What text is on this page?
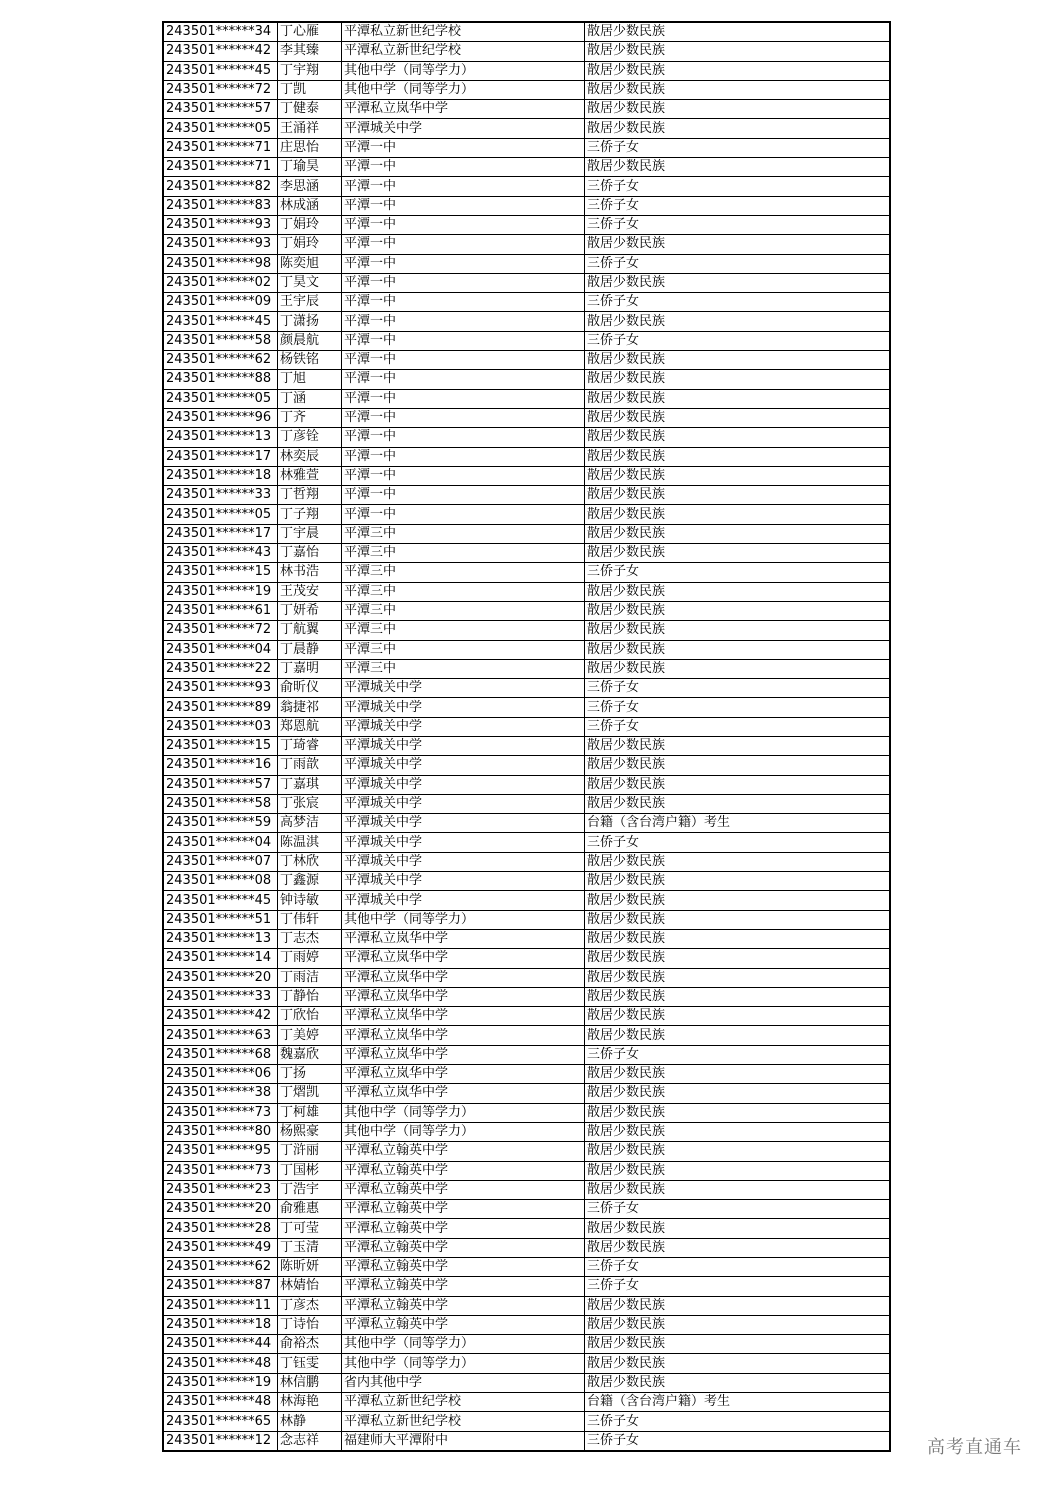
243501******34	丁心雁	平潭私立新世纪学校	散居少数民族
243501******42	李其臻	平潭私立新世纪学校	散居少数民族
243501******45	丁宇翔	其他中学（同等学力）	散居少数民族
243501******72	丁凯	其他中学（同等学力）	散居少数民族
243501******57	丁健泰	平潭私立岚华中学	散居少数民族
243501******05	王涌祥	平潭城关中学	散居少数民族
243501******71	庄思怡	平潭一中	三侨子女
243501******71	丁瑜昊	平潭一中	散居少数民族
243501******82	李思涵	平潭一中	三侨子女
243501******83	林成涵	平潭一中	三侨子女
243501******93	丁娟玲	平潭一中	三侨子女
243501******93	丁娟玲	平潭一中	散居少数民族
243501******98	陈奕旭	平潭一中	三侨子女
243501******02	丁昊文	平潭一中	散居少数民族
243501******09	王宇辰	平潭一中	三侨子女
243501******45	丁潇扬	平潭一中	散居少数民族
243501******58	颜晨航	平潭一中	三侨子女
243501******62	杨铁铭	平潭一中	散居少数民族
243501******88	丁旭	平潭一中	散居少数民族
243501******05	丁涵	平潭一中	散居少数民族
243501******96	丁齐	平潭一中	散居少数民族
243501******13	丁彦铨	平潭一中	散居少数民族
243501******17	林奕辰	平潭一中	散居少数民族
243501******18	林雅萱	平潭一中	散居少数民族
243501******33	丁哲翔	平潭一中	散居少数民族
243501******05	丁子翔	平潭一中	散居少数民族
243501******17	丁宇晨	平潭三中	散居少数民族
243501******43	丁嘉怡	平潭三中	散居少数民族
243501******15	林书浩	平潭三中	三侨子女
243501******19	王茂安	平潭三中	散居少数民族
243501******61	丁妍希	平潭三中	散居少数民族
243501******72	丁航翼	平潭三中	散居少数民族
243501******04	丁晨静	平潭三中	散居少数民族
243501******22	丁嘉明	平潭三中	散居少数民族
243501******93	俞昕仪	平潭城关中学	三侨子女
243501******89	翁捷祁	平潭城关中学	三侨子女
243501******03	郑恩航	平潭城关中学	三侨子女
243501******15	丁琦睿	平潭城关中学	散居少数民族
243501******16	丁雨歆	平潭城关中学	散居少数民族
243501******57	丁嘉琪	平潭城关中学	散居少数民族
243501******58	丁张宸	平潭城关中学	散居少数民族
243501******59	高梦洁	平潭城关中学	台籍（含台湾户籍）考生
243501******04	陈温淇	平潭城关中学	三侨子女
243501******07	丁林欣	平潭城关中学	散居少数民族
243501******08	丁鑫源	平潭城关中学	散居少数民族
243501******45	钟诗敏	平潭城关中学	散居少数民族
243501******51	丁伟轩	其他中学（同等学力）	散居少数民族
243501******13	丁志杰	平潭私立岚华中学	散居少数民族
243501******14	丁雨婷	平潭私立岚华中学	散居少数民族
243501******20	丁雨洁	平潭私立岚华中学	散居少数民族
243501******33	丁静怡	平潭私立岚华中学	散居少数民族
243501******42	丁欣怡	平潭私立岚华中学	散居少数民族
243501******63	丁美婷	平潭私立岚华中学	散居少数民族
243501******68	魏嘉欣	平潭私立岚华中学	三侨子女
243501******06	丁扬	平潭私立岚华中学	散居少数民族
243501******38	丁熠凯	平潭私立岚华中学	散居少数民族
243501******73	丁柯雄	其他中学（同等学力）	散居少数民族
243501******80	杨熙豪	其他中学（同等学力）	散居少数民族
243501******95	丁浒丽	平潭私立翰英中学	散居少数民族
243501******73	丁国彬	平潭私立翰英中学	散居少数民族
243501******23	丁浩宇	平潭私立翰英中学	散居少数民族
243501******20	俞雅惠	平潭私立翰英中学	三侨子女
243501******28	丁可莹	平潭私立翰英中学	散居少数民族
243501******49	丁玉清	平潭私立翰英中学	散居少数民族
243501******62	陈昕妍	平潭私立翰英中学	三侨子女
243501******87	林婧怡	平潭私立翰英中学	三侨子女
243501******11	丁彦杰	平潭私立翰英中学	散居少数民族
243501******18	丁诗怡	平潭私立翰英中学	散居少数民族
243501******44	俞裕杰	其他中学（同等学力）	散居少数民族
243501******48	丁钰雯	其他中学（同等学力）	散居少数民族
243501******19	林信鹏	省内其他中学	散居少数民族
243501******48	林海艳	平潭私立新世纪学校	台籍（含台湾户籍）考生
243501******65	林静	平潭私立新世纪学校	三侨子女
243501******12	念志祥	福建师大平潭附中	三侨子女	高考直通车
